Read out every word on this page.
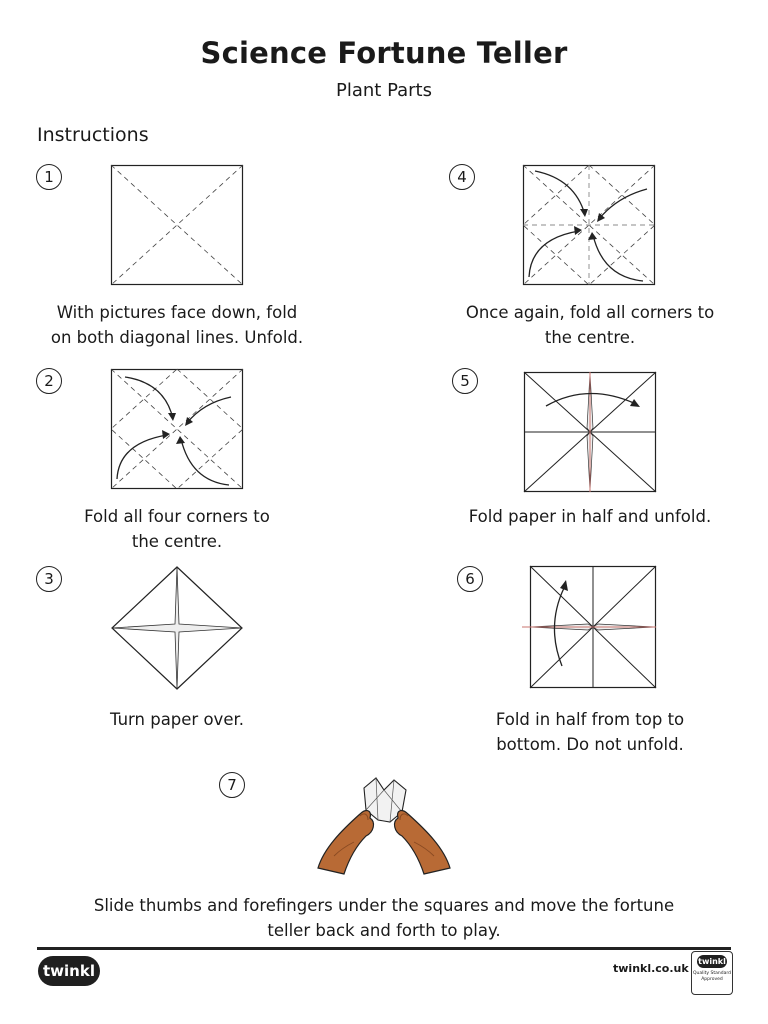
Science Fortune Teller
Plant Parts
Instructions
1
With pictures face down, fold
on both diagonal lines. Unfold.
2
Fold all four corners to
the centre.
3
Turn paper over.
4
Once again, fold all corners to
the centre.
5
Fold paper in half and unfold.
6
Fold in half from top to
bottom. Do not unfold.
7
Slide thumbs and forefingers under the squares and move the fortune
teller back and forth to play.
twinkl	twinkl.co.uk
twinkl
Quality Standard
Approved
